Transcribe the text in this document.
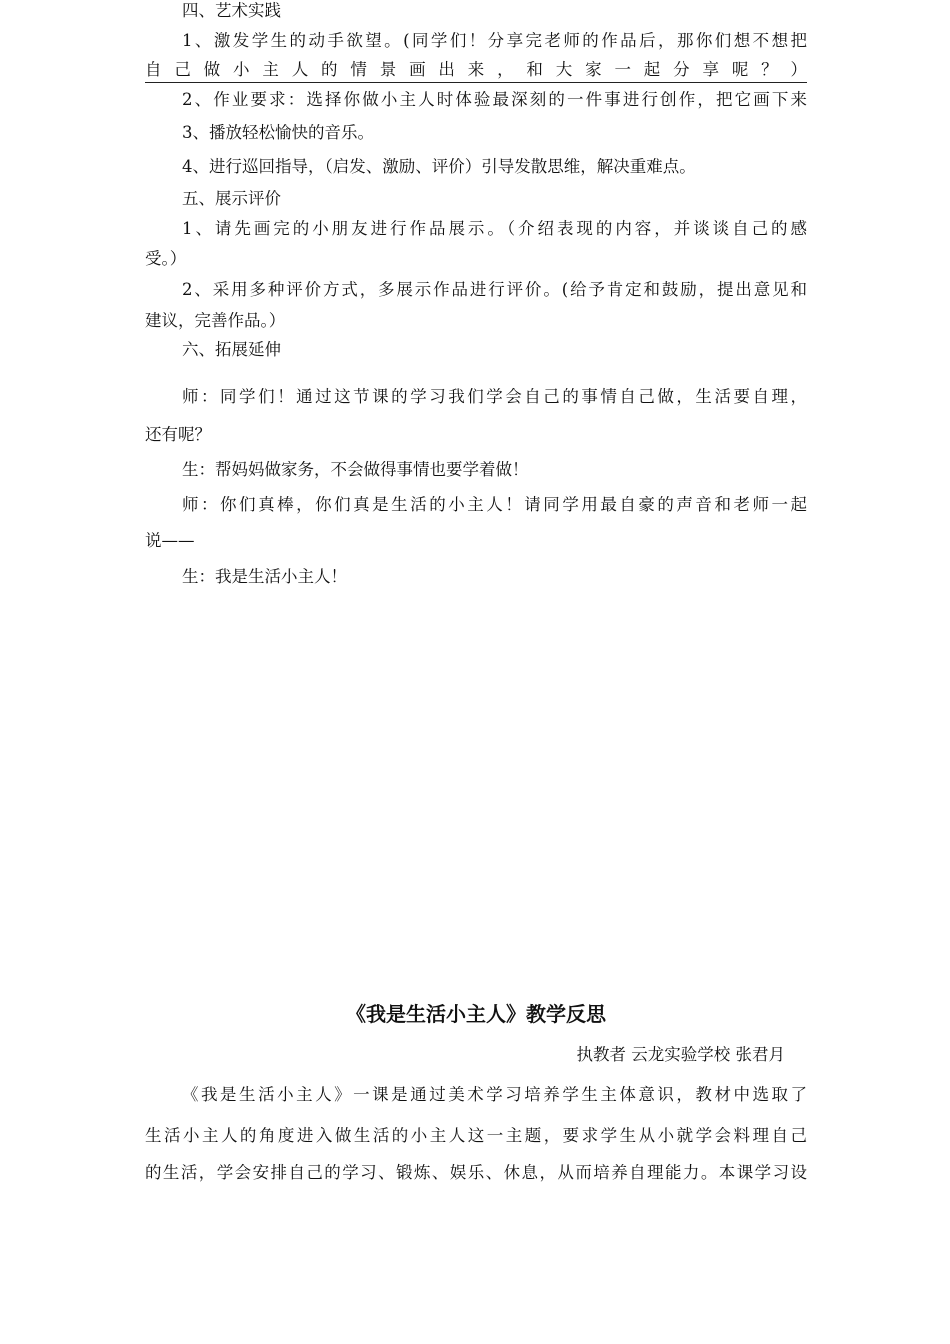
四、艺术实践
1、激发学生的动手欲望。(同学们！分享完老师的作品后，那你们想不想把
自己做小主人的情景画出来，和大家一起分享呢？）
2、作业要求：选择你做小主人时体验最深刻的一件事进行创作，把它画下来
3、播放轻松愉快的音乐。
4、进行巡回指导，（启发、激励、评价）引导发散思维，解决重难点。
五、展示评价
1、请先画完的小朋友进行作品展示。（介绍表现的内容，并谈谈自己的感
受。）
2、采用多种评价方式，多展示作品进行评价。(给予肯定和鼓励，提出意见和
建议，完善作品。）
六、拓展延伸
师：同学们！通过这节课的学习我们学会自己的事情自己做，生活要自理，
还有呢？
生：帮妈妈做家务，不会做得事情也要学着做！
师：你们真棒，你们真是生活的小主人！请同学用最自豪的声音和老师一起
说——
生：我是生活小主人！
《我是生活小主人》教学反思
执教者 云龙实验学校 张君月
《我是生活小主人》一课是通过美术学习培养学生主体意识，教材中选取了
生活小主人的角度进入做生活的小主人这一主题，要求学生从小就学会料理自己
的生活，学会安排自己的学习、锻炼、娱乐、休息，从而培养自理能力。本课学习设
